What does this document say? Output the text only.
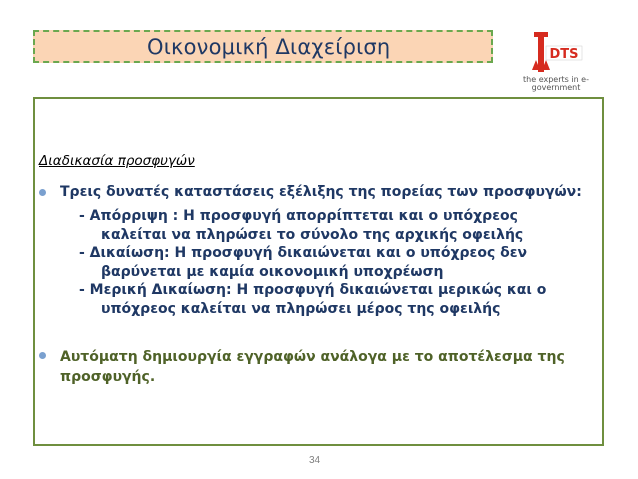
Οικονομική Διαχείριση	DTS
the experts in e-government
Διαδικασία προσφυγών
Τρεις δυνατές καταστάσεις εξέλιξης της πορείας των προσφυγών:
- Απόρριψη : Η προσφυγή απορρίπτεται και ο υπόχρεος
καλείται να πληρώσει το σύνολο της αρχικής οφειλής
- Δικαίωση: Η προσφυγή δικαιώνεται και ο υπόχρεος δεν
βαρύνεται με καμία οικονομική υποχρέωση
- Μερική Δικαίωση: Η προσφυγή δικαιώνεται μερικώς και ο
υπόχρεος καλείται να πληρώσει μέρος της οφειλής
Αυτόματη δημιουργία εγγραφών ανάλογα με το αποτέλεσμα της προσφυγής.
34
